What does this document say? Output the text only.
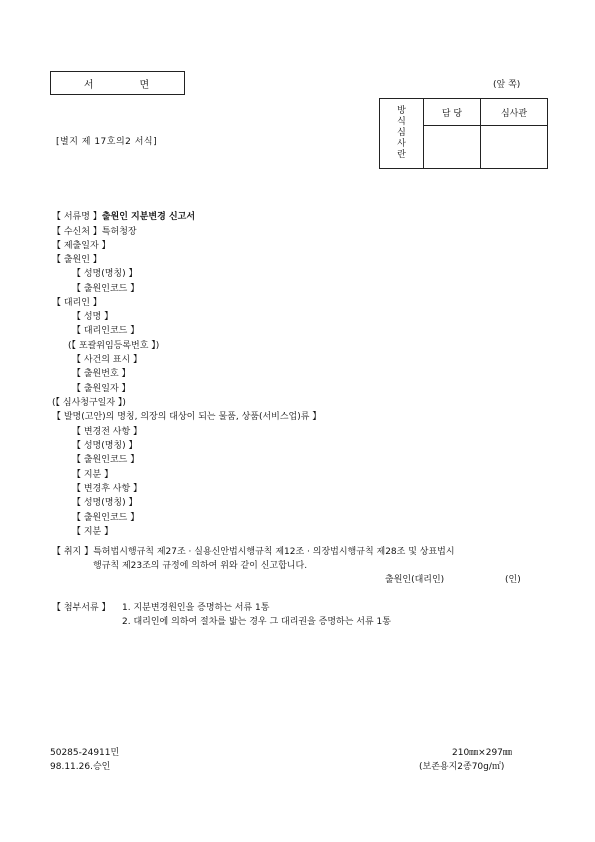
서	면	(앞 쪽)
[별지 제 17호의2 서식]
방
식
심
사
란	담 당	심사관

【 서류명 】출원인 지분변경 신고서
【 수신처 】특허청장
【 제출일자 】
【 출원인 】
【 성명(명칭) 】
【 출원인코드 】
【 대리인 】
【 성명 】
【 대리인코드 】
(【 포괄위임등록번호 】)
【 사건의 표시 】
【 출원번호 】
【 출원일자 】
(【 심사청구일자 】)
【 발명(고안)의 명칭, 의장의 대상이 되는 물품, 상품(서비스업)류 】
【 변경전 사항 】
【 성명(명칭) 】
【 출원인코드 】
【 지분 】
【 변경후 사항 】
【 성명(명칭) 】
【 출원인코드 】
【 지분 】
【 취지 】특허법시행규칙 제27조 · 실용신안법시행규칙 제12조 · 의장법시행규칙 제28조 및 상표법시
행규칙 제23조의 규정에 의하여 위와 같이 신고합니다.
출원인(대리인)	(인)
【 첨부서류 】 1. 지분변경원인을 증명하는 서류 1통
2. 대리인에 의하여 절차를 밟는 경우 그 대리권을 증명하는 서류 1통
50285-24911민
98.11.26.승인
210㎜×297㎜
(보존용지2종70g/㎡)
